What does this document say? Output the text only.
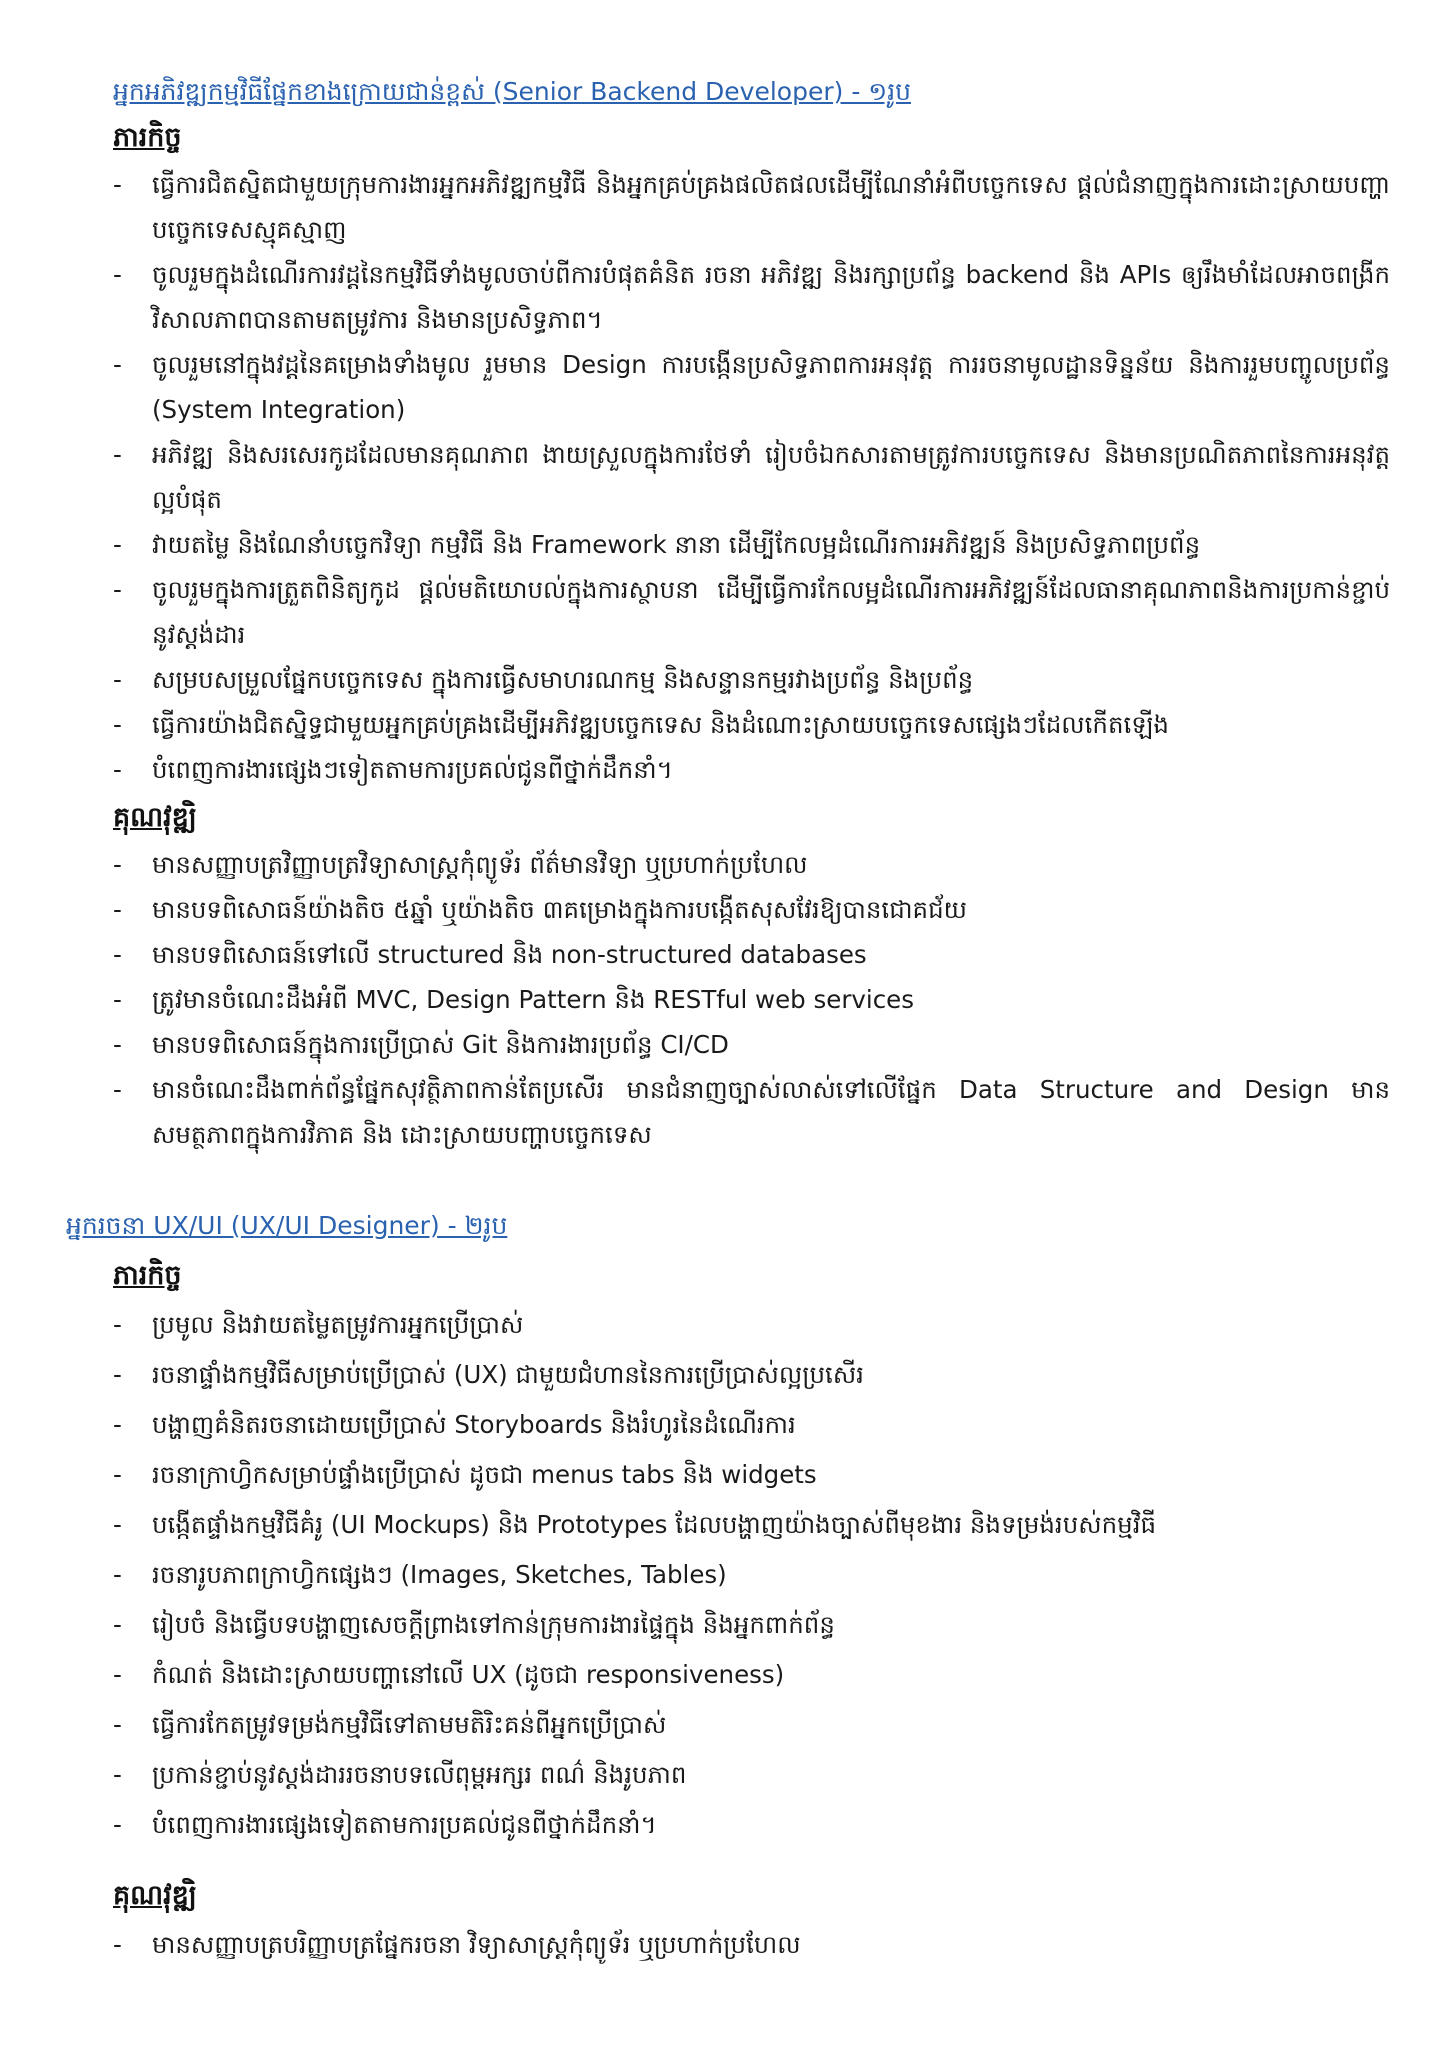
អ្នកអភិវឌ្ឍកម្មវិធីផ្នែកខាងក្រោយជាន់ខ្ពស់ (Senior Backend Developer) - ១រូប
ភារកិច្ច
-	ធ្វើការជិតស្និតជាមួយក្រុមការងារអ្នកអភិវឌ្ឍកម្មវិធី និងអ្នកគ្រប់គ្រងផលិតផលដើម្បីណែនាំអំពីបច្ចេកទេស ផ្តល់ជំនាញក្នុងការដោះស្រាយបញ្ហាបច្ចេកទេសស្មុគស្មាញ
-	ចូលរួមក្នុងដំណើរការវដ្តនៃកម្មវិធីទាំងមូលចាប់ពីការបំផុតគំនិត រចនា អភិវឌ្ឍ និងរក្សាប្រព័ន្ធ backend និង APIs ឲ្យរឹងមាំដែលអាចពង្រីកវិសាលភាពបានតាមតម្រូវការ និងមានប្រសិទ្ធភាព។
-	ចូលរួមនៅក្នុងវដ្តនៃគម្រោងទាំងមូល រួមមាន Design ការបង្កើនប្រសិទ្ធភាពការអនុវត្ត ការរចនាមូលដ្ឋានទិន្នន័យ និងការរួមបញ្ចូលប្រព័ន្ធ (System Integration)
-	អភិវឌ្ឍ និងសរសេរកូដដែលមានគុណភាព ងាយស្រួលក្នុងការថែទាំ រៀបចំឯកសារតាមត្រូវការបច្ចេកទេស និងមានប្រណិតភាពនៃការអនុវត្តល្អបំផុត
-	វាយតម្លៃ និងណែនាំបច្ចេកវិទ្យា កម្មវិធី និង Framework នានា ដើម្បីកែលម្អដំណើរការអភិវឌ្ឍន៍ និងប្រសិទ្ធភាពប្រព័ន្ធ
-	ចូលរួមក្នុងការត្រួតពិនិត្យកូដ ផ្តល់មតិយោបល់ក្នុងការស្ថាបនា ដើម្បីធ្វើការកែលម្អដំណើរការអភិវឌ្ឍន៍ដែលធានាគុណភាពនិងការប្រកាន់ខ្ជាប់នូវស្តង់ដារ
-	សម្របសម្រួលផ្នែកបច្ចេកទេស ក្នុងការធ្វើសមាហរណកម្ម និងសន្ទានកម្មរវាងប្រព័ន្ធ និងប្រព័ន្ធ
-	ធ្វើការយ៉ាងជិតស្និទ្ធជាមួយអ្នកគ្រប់គ្រងដើម្បីអភិវឌ្ឍបច្ចេកទេស និងដំណោះស្រាយបច្ចេកទេសផ្សេងៗដែលកើតឡើង
-	បំពេញការងារផ្សេងៗទៀតតាមការប្រគល់ជូនពីថ្នាក់ដឹកនាំ។
គុណវុឌ្ឍិ
-	មានសញ្ញាបត្រវិញ្ញាបត្រវិទ្យាសាស្ត្រកុំព្យូទ័រ ព័ត៌មានវិទ្យា ឬប្រហាក់ប្រហែល
-	មានបទពិសោធន៍យ៉ាងតិច ៥ឆ្នាំ ឬយ៉ាងតិច ៣គម្រោងក្នុងការបង្កើតសុសវែរឱ្យបានជោគជ័យ
-	មានបទពិសោធន៍ទៅលើ structured និង non-structured databases
-	ត្រូវមានចំណេះដឹងអំពី MVC, Design Pattern និង RESTful web services
-	មានបទពិសោធន៍ក្នុងការប្រើប្រាស់ Git និងការងារប្រព័ន្ធ CI/CD
-	មានចំណេះដឹងពាក់ព័ន្ធផ្នែកសុវត្ថិភាពកាន់តែប្រសើរ មានជំនាញច្បាស់លាស់ទៅលើផ្នែក Data Structure and Design មានសមត្ថភាពក្នុងការវិភាគ និង ដោះស្រាយបញ្ហាបច្ចេកទេស
អ្នករចនា UX/UI (UX/UI Designer) - ២រូប
ភារកិច្ច
-	ប្រមូល និងវាយតម្លៃតម្រូវការអ្នកប្រើប្រាស់
-	រចនាផ្ទាំងកម្មវិធីសម្រាប់ប្រើប្រាស់ (UX) ជាមួយជំហាននៃការប្រើប្រាស់ល្អប្រសើរ
-	បង្ហាញគំនិតរចនាដោយប្រើប្រាស់ Storyboards និងរំហូរនៃដំណើរការ
-	រចនាក្រាហ្វិកសម្រាប់ផ្ទាំងប្រើប្រាស់ ដូចជា menus tabs និង widgets
-	បង្កើតផ្ទាំងកម្មវិធីគំរូ (UI Mockups) និង Prototypes ដែលបង្ហាញយ៉ាងច្បាស់ពីមុខងារ និងទម្រង់របស់កម្មវិធី
-	រចនារូបភាពក្រាហ្វិកផ្សេងៗ (Images, Sketches, Tables)
-	រៀបចំ និងធ្វើបទបង្ហាញសេចក្តីព្រាងទៅកាន់ក្រុមការងារផ្ទៃក្នុង និងអ្នកពាក់ព័ន្ធ
-	កំណត់ និងដោះស្រាយបញ្ហានៅលើ UX (ដូចជា responsiveness)
-	ធ្វើការកែតម្រូវទម្រង់កម្មវិធីទៅតាមមតិរិះគន់ពីអ្នកប្រើប្រាស់
-	ប្រកាន់ខ្ជាប់នូវស្តង់ដាររចនាបទលើពុម្ពអក្សរ ពណ៌ និងរូបភាព
-	បំពេញការងារផ្សេងទៀតតាមការប្រគល់ជូនពីថ្នាក់ដឹកនាំ។
គុណវុឌ្ឍិ
-	មានសញ្ញាបត្របរិញ្ញាបត្រផ្នែករចនា វិទ្យាសាស្ត្រកុំព្យូទ័រ ឬប្រហាក់ប្រហែល
